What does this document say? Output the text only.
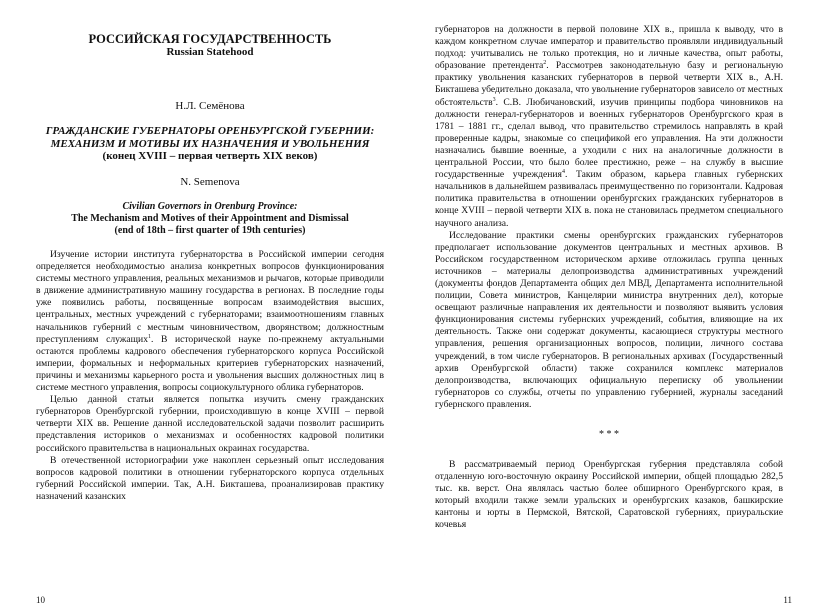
РОССИЙСКАЯ ГОСУДАРСТВЕННОСТЬ
Russian Statehood
Н.Л. Семёнова
ГРАЖДАНСКИЕ ГУБЕРНАТОРЫ ОРЕНБУРГСКОЙ ГУБЕРНИИ: МЕХАНИЗМ И МОТИВЫ ИХ НАЗНАЧЕНИЯ И УВОЛЬНЕНИЯ
(конец XVIII – первая четверть XIX веков)
N. Semenova
Civilian Governors in Orenburg Province:
The Mechanism and Motives of their Appointment and Dismissal
(end of 18th – first quarter of 19th centuries)

Изучение истории института губернаторства в Российской империи сегодня определяется необходимостью анализа конкретных вопросов функционирования системы местного управления, реальных механизмов и рычагов, которые приводили в движение административную машину государства в регионах. В последние годы уже появились работы, посвященные вопросам взаимодействия высших, центральных, местных учреждений с губернаторами; взаимоотношениям главных начальников губерний с местным чиновничеством, дворянством; должностным преступлениям служащих$^1$. В исторической науке по-прежнему актуальными остаются проблемы кадрового обеспечения губернаторского корпуса Российской империи, формальных и неформальных критериев губернаторских назначений, причины и механизмы карьерного роста и увольнения высших должностных лиц в системе местного управления, вопросы социокультурного облика губернаторов.

Целью данной статьи является попытка изучить смену гражданских губернаторов Оренбургской губернии, происходившую в конце XVIII – первой четверти XIX вв. Решение данной исследовательской задачи позволит расширить представления историков о механизмах и особенностях кадровой политики российского правительства в национальных окраинах государства.

В отечественной историографии уже накоплен серьезный опыт исследования вопросов кадровой политики в отношении губернаторского корпуса отдельных губерний Российской империи. Так, А.Н. Бикташева, проанализировав практику назначений казанских

10

губернаторов на должности в первой половине XIX в., пришла к выводу, что в каждом конкретном случае император и правительство проявляли индивидуальный подход: учитывались не только протекция, но и личные качества, опыт работы, образование претендента$^2$. Рассмотрев законодательную базу и региональную практику увольнения казанских губернаторов в первой четверти XIX в., А.Н. Бикташева убедительно доказала, что увольнение губернаторов зависело от местных обстоятельств$^3$. С.В. Любичановский, изучив принципы подбора чиновников на должности генерал-губернаторов и военных губернаторов Оренбургского края в 1781 – 1881 гг., сделал вывод, что правительство стремилось направлять в край проверенные кадры, знакомые со спецификой его управления. На эти должности назначались бывшие военные, а уходили с них на аналогичные должности в центральной России, что было более престижно, реже – на службу в высшие государственные учреждения$^4$. Таким образом, карьера главных губернских начальников в дальнейшем развивалась преимущественно по горизонтали. Кадровая политика правительства в отношении оренбургских гражданских губернаторов в конце XVIII – первой четверти XIX в. пока не становилась предметом специального научного анализа.

Исследование практики смены оренбургских гражданских губернаторов предполагает использование документов центральных и местных архивов. В Российском государственном историческом архиве отложилась группа ценных источников – материалы делопроизводства административных учреждений (документы фондов Департамента общих дел МВД, Департамента исполнительной полиции, Совета министров, Канцелярии министра внутренних дел), которые освещают различные направления их деятельности и позволяют выявить условия функционирования системы губернских учреждений, события, влияющие на их деятельность. Также они содержат документы, касающиеся структуры местного управления, решения организационных вопросов, полиции, личного состава учреждений, в том числе губернаторов. В региональных архивах (Государственный архив Оренбургской области) также сохранился комплекс материалов делопроизводства, включающих официальную переписку об увольнении губернаторов со службы, отчеты по управлению губернией, журналы заседаний губернского правления.

* * *

В рассматриваемый период Оренбургская губерния представляла собой отдаленную юго-восточную окраину Российской империи, общей площадью 282,5 тыс. кв. верст. Она являлась частью более обширного Оренбургского края, в который входили также земли уральских и оренбургских казаков, башкирские кантоны и юрты в Пермской, Вятской, Саратовской губерниях, приуральские кочевья

11
